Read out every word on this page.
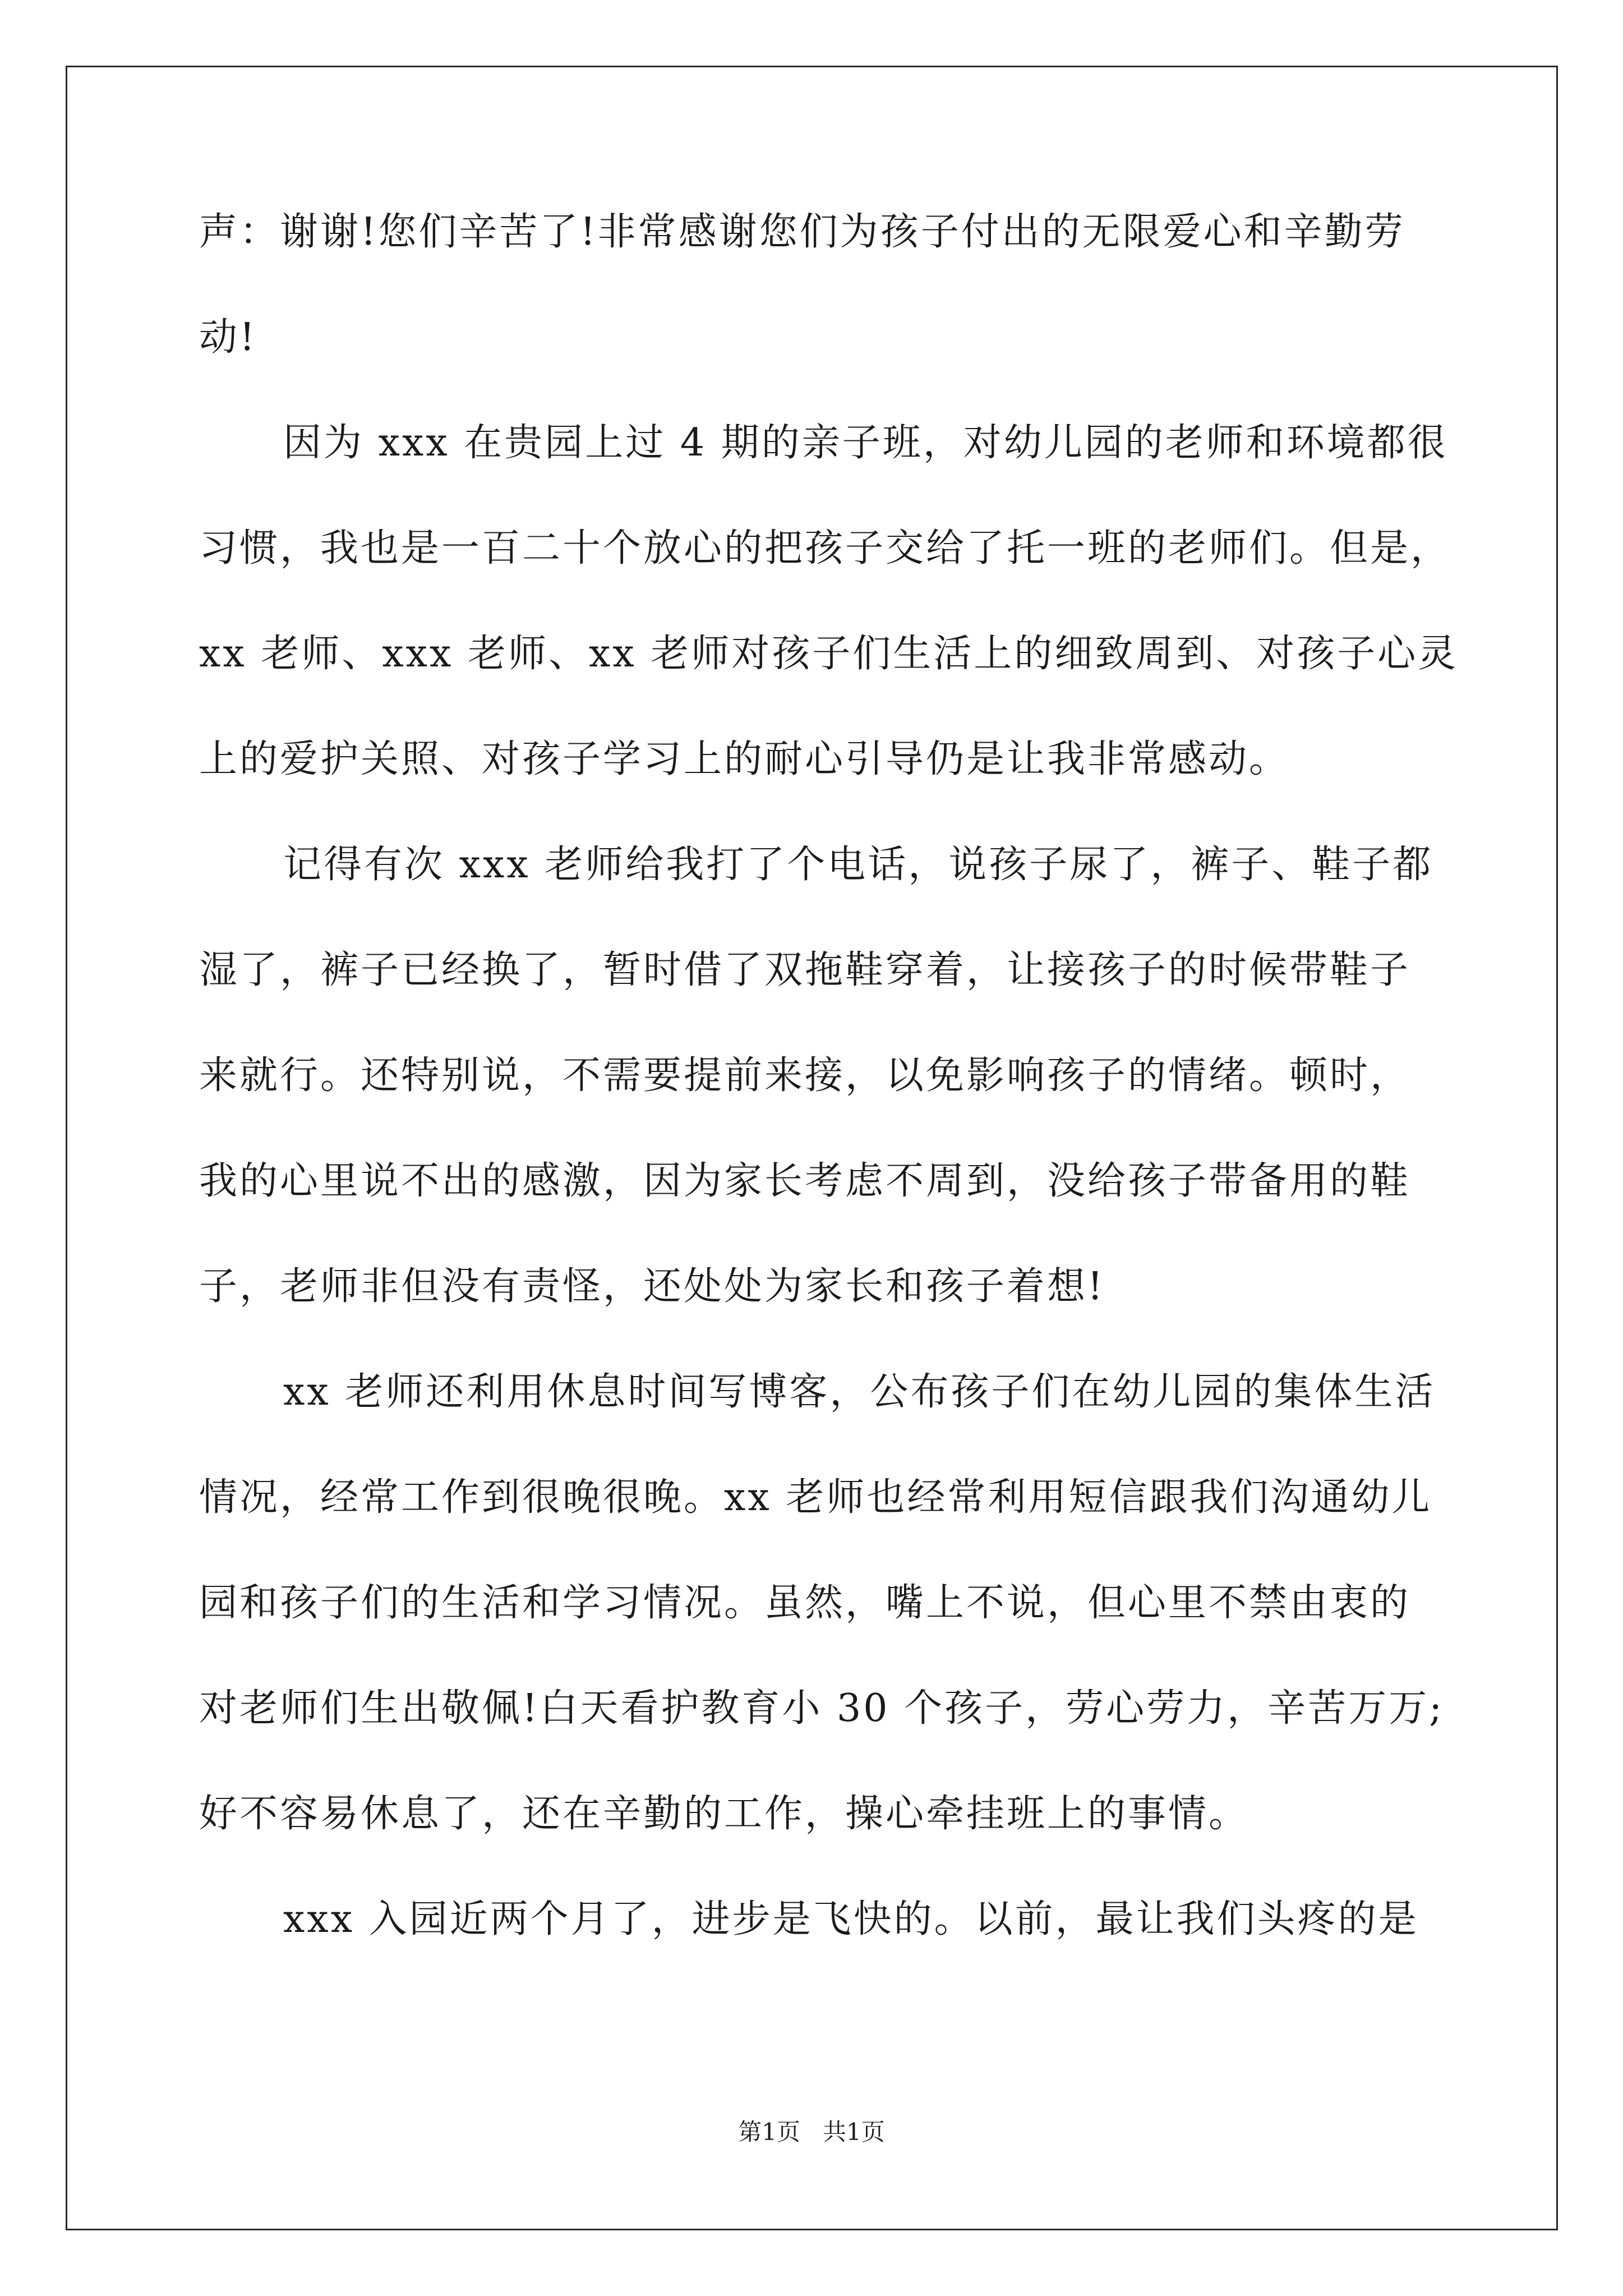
声：谢谢!您们辛苦了!非常感谢您们为孩子付出的无限爱心和辛勤劳
动!
因为 xxx 在贵园上过 4 期的亲子班，对幼儿园的老师和环境都很
习惯，我也是一百二十个放心的把孩子交给了托一班的老师们。但是，
xx 老师、xxx 老师、xx 老师对孩子们生活上的细致周到、对孩子心灵
上的爱护关照、对孩子学习上的耐心引导仍是让我非常感动。
记得有次 xxx 老师给我打了个电话，说孩子尿了，裤子、鞋子都
湿了，裤子已经换了，暂时借了双拖鞋穿着，让接孩子的时候带鞋子
来就行。还特别说，不需要提前来接，以免影响孩子的情绪。顿时，
我的心里说不出的感激，因为家长考虑不周到，没给孩子带备用的鞋
子，老师非但没有责怪，还处处为家长和孩子着想!
xx 老师还利用休息时间写博客，公布孩子们在幼儿园的集体生活
情况，经常工作到很晚很晚。xx 老师也经常利用短信跟我们沟通幼儿
园和孩子们的生活和学习情况。虽然，嘴上不说，但心里不禁由衷的
对老师们生出敬佩!白天看护教育小 30 个孩子，劳心劳力，辛苦万万;
好不容易休息了，还在辛勤的工作，操心牵挂班上的事情。
xxx 入园近两个月了，进步是飞快的。以前，最让我们头疼的是
第1页   共1页
